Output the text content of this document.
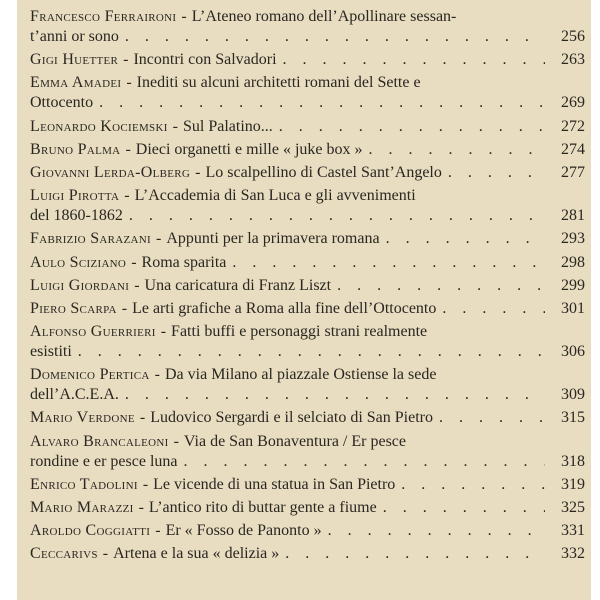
Francesco Ferraironi - L’Ateneo romano dell’Apollinare sessan-
t’anni or sono . . .	256
Gigi Huetter - Incontri con Salvadori . . .	263
Emma Amadei - Inediti su alcuni architetti romani del Sette e
Ottocento . . .	269
Leonardo Kociemski - Sul Palatino... . . .	272
Bruno Palma - Dieci organetti e mille « juke box » . . .	274
Giovanni Lerda-Olberg - Lo scalpellino di Castel Sant’Angelo . . .	277
Luigi Pirotta - L’Accademia di San Luca e gli avvenimenti
del 1860-1862 . . .	281
Fabrizio Sarazani - Appunti per la primavera romana . . .	293
Aulo Sciziano - Roma sparita . . .	298
Luigi Giordani - Una caricatura di Franz Liszt . . .	299
Piero Scarpa - Le arti grafiche a Roma alla fine dell’Ottocento . . .	301
Alfonso Guerrieri - Fatti buffi e personaggi strani realmente
esistiti . . .	306
Domenico Pertica - Da via Milano al piazzale Ostiense la sede
dell’A.C.E.A. . . .	309
Mario Verdone - Ludovico Sergardi e il selciato di San Pietro . . .	315
Alvaro Brancaleoni - Via de San Bonaventura / Er pesce
rondine e er pesce luna . . .	318
Enrico Tadolini - Le vicende di una statua in San Pietro . . .	319
Mario Marazzi - L’antico rito di buttar gente a fiume . . .	325
Aroldo Coggiatti - Er « Fosso de Panonto » . . .	331
Ceccarivs - Artena e la sua « delizia » . . .	332
